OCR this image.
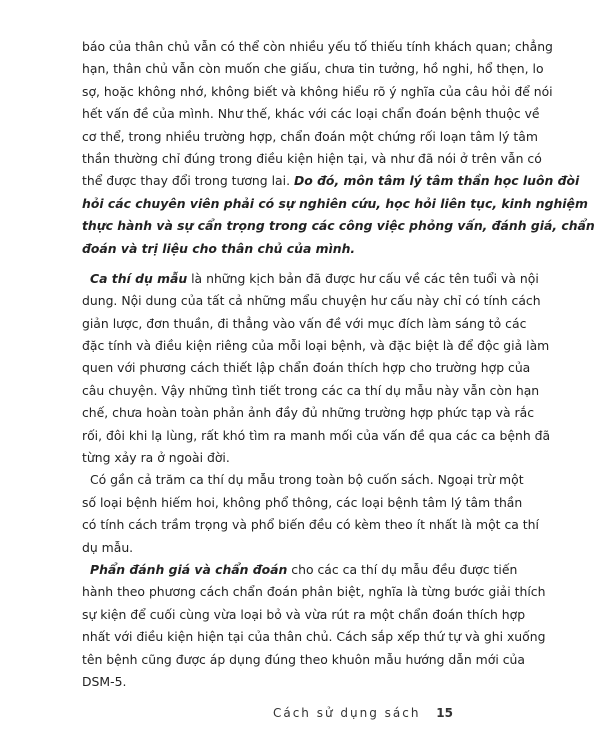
báo của thân chủ vẫn có thể còn nhiều yếu tố thiếu tính khách quan; chẳng
hạn, thân chủ vẫn còn muốn che giấu, chưa tin tưởng, hồ nghi, hổ thẹn, lo
sợ, hoặc không nhớ, không biết và không hiểu rõ ý nghĩa của câu hỏi để nói
hết vấn đề của mình. Như thế, khác với các loại chẩn đoán bệnh thuộc về
cơ thể, trong nhiều trường hợp, chẩn đoán một chứng rối loạn tâm lý tâm
thần thường chỉ đúng trong điều kiện hiện tại, và như đã nói ở trên vẫn có
thể được thay đổi trong tương lai. Do đó, môn tâm lý tâm thần học luôn đòi
hỏi các chuyên viên phải có sự nghiên cứu, học hỏi liên tục, kinh nghiệm
thực hành và sự cẩn trọng trong các công việc phỏng vấn, đánh giá, chẩn
đoán và trị liệu cho thân chủ của mình.
Ca thí dụ mẫu là những kịch bản đã được hư cấu về các tên tuổi và nội
dung. Nội dung của tất cả những mẩu chuyện hư cấu này chỉ có tính cách
giản lược, đơn thuần, đi thẳng vào vấn đề với mục đích làm sáng tỏ các
đặc tính và điều kiện riêng của mỗi loại bệnh, và đặc biệt là để độc giả làm
quen với phương cách thiết lập chẩn đoán thích hợp cho trường hợp của
câu chuyện. Vậy những tình tiết trong các ca thí dụ mẫu này vẫn còn hạn
chế, chưa hoàn toàn phản ảnh đầy đủ những trường hợp phức tạp và rắc
rối, đôi khi lạ lùng, rất khó tìm ra manh mối của vấn đề qua các ca bệnh đã
từng xảy ra ở ngoài đời.
Có gần cả trăm ca thí dụ mẫu trong toàn bộ cuốn sách. Ngoại trừ một
số loại bệnh hiếm hoi, không phổ thông, các loại bệnh tâm lý tâm thần
có tính cách trầm trọng và phổ biến đều có kèm theo ít nhất là một ca thí
dụ mẫu.
Phẩn đánh giá và chẩn đoán cho các ca thí dụ mẫu đều được tiến
hành theo phương cách chẩn đoán phân biệt, nghĩa là từng bước giải thích
sự kiện để cuối cùng vừa loại bỏ và vừa rút ra một chẩn đoán thích hợp
nhất với điều kiện hiện tại của thân chủ. Cách sắp xếp thứ tự và ghi xuống
tên bệnh cũng được áp dụng đúng theo khuôn mẫu hướng dẫn mới của
DSM-5.
Cách sử dụng sách 15
